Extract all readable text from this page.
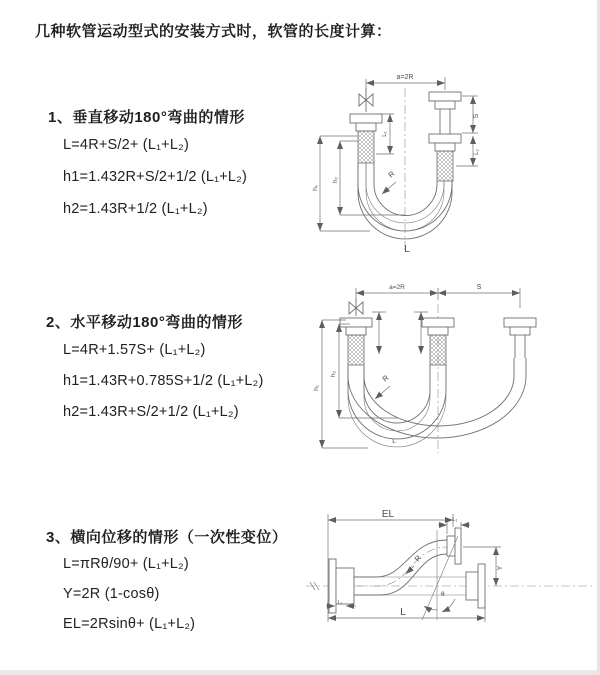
几种软管运动型式的安装方式时，软管的长度计算：
1、垂直移动180°弯曲的情形
L=4R+S/2+ (L₁+L₂)
h1=1.432R+S/2+1/2 (L₁+L₂)
h2=1.43R+1/2 (L₁+L₂)
2、水平移动180°弯曲的情形
L=4R+1.57S+ (L₁+L₂)
h1=1.43R+0.785S+1/2 (L₁+L₂)
h2=1.43R+S/2+1/2 (L₁+L₂)
3、横向位移的情形（一次性变位）
L=πRθ/90+ (L₁+L₂)
Y=2R (1-cosθ)
EL=2Rsinθ+ (L₁+L₂)
a=2R
L₁
S
L₂
h₁
h₂
R
L
a=2R	S
h₁
h₂	R
L
EL	L₁
Y
θ
R
L₁
L
